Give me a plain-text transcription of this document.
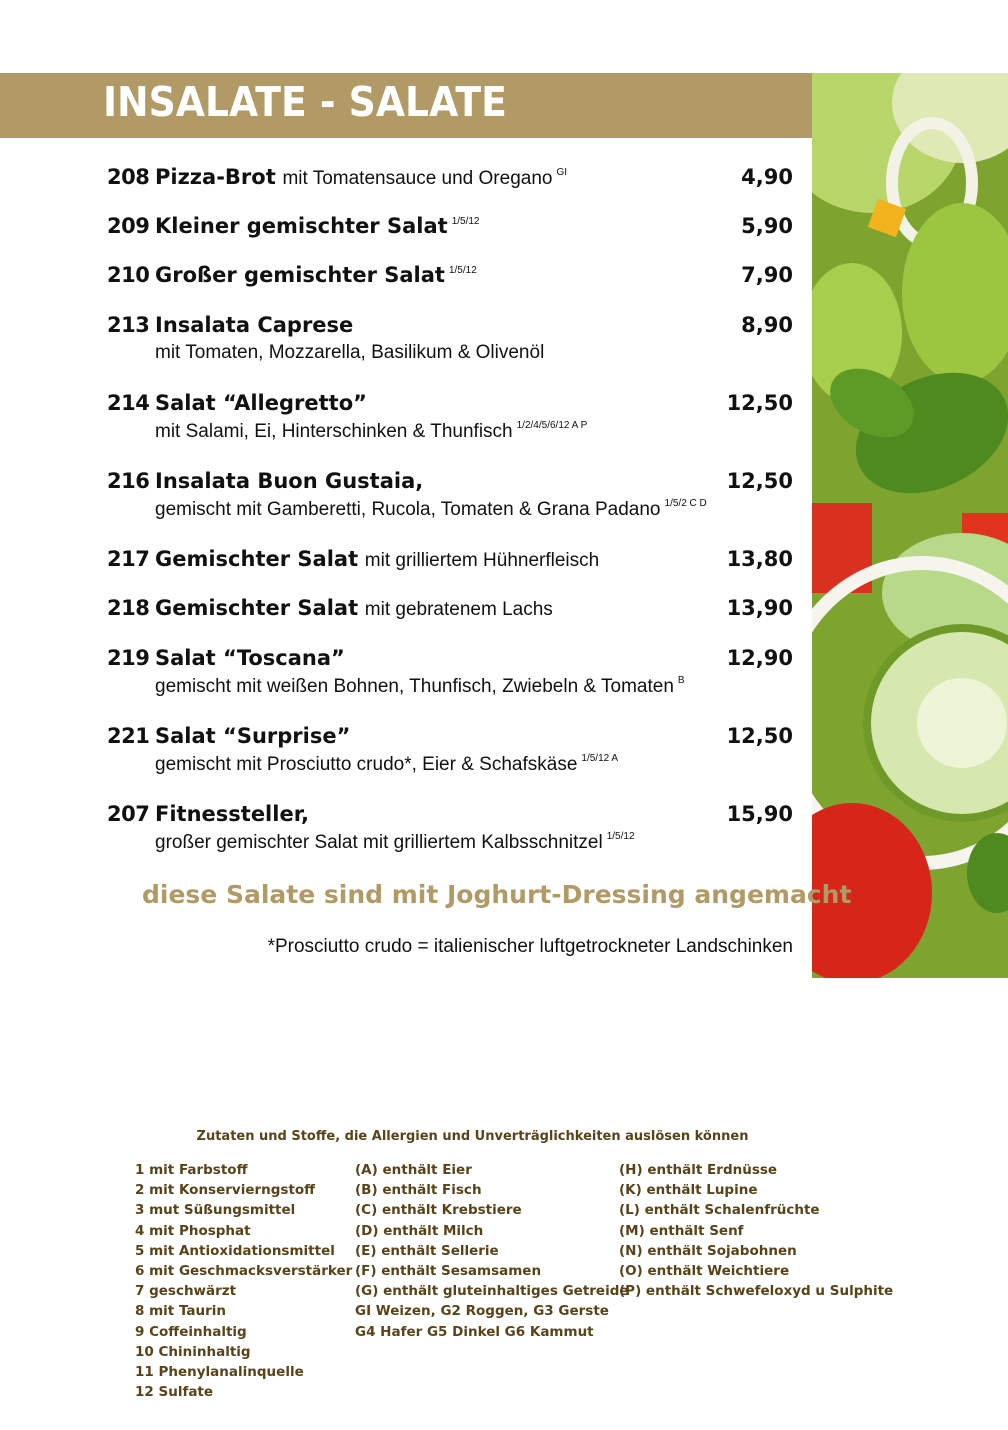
INSALATE - SALATE
208 Pizza-Brot mit Tomatensauce und Oregano $^{GI}$	4,90
209 Kleiner gemischter Salat $^{1/5/12}$	5,90
210 Großer gemischter Salat $^{1/5/12}$	7,90
213 Insalata Caprese	8,90
mit Tomaten, Mozzarella, Basilikum & Olivenöl
214 Salat “Allegretto”	12,50
mit Salami, Ei, Hinterschinken & Thunfisch $^{1/2/4/5/6/12 A P}$
216 Insalata Buon Gustaia,	12,50
gemischt mit Gamberetti, Rucola, Tomaten & Grana Padano $^{1/5/2 C D}$
217 Gemischter Salat mit grilliertem Hühnerfleisch	13,80
218 Gemischter Salat mit gebratenem Lachs	13,90
219 Salat “Toscana”	12,90
gemischt mit weißen Bohnen, Thunfisch, Zwiebeln & Tomaten $^B$
221 Salat “Surprise”	12,50
gemischt mit Prosciutto crudo*, Eier & Schafskäse $^{1/5/12 A}$
207 Fitnessteller,	15,90
großer gemischter Salat mit grilliertem Kalbsschnitzel $^{1/5/12}$
diese Salate sind mit Joghurt-Dressing angemacht
*Prosciutto crudo = italienischer luftgetrockneter Landschinken
Zutaten und Stoffe, die Allergien und Unverträglichkeiten auslösen können
1 mit Farbstoff
2 mit Konservierngstoff
3 mut Süßungsmittel
4 mit Phosphat
5 mit Antioxidationsmittel
6 mit Geschmacksverstärker
7 geschwärzt
8 mit Taurin
9 Coffeinhaltig
10 Chininhaltig
11 Phenylanalinquelle
12 Sulfate
(A) enthält Eier
(B) enthält Fisch
(C) enthält Krebstiere
(D) enthält Milch
(E) enthält Sellerie
(F) enthält Sesamsamen
(G) enthält gluteinhaltiges Getreide
GI Weizen, G2 Roggen, G3 Gerste
G4 Hafer G5 Dinkel G6 Kammut
(H) enthält Erdnüsse
(K) enthält Lupine
(L) enthält Schalenfrüchte
(M) enthält Senf
(N) enthält Sojabohnen
(O) enthält Weichtiere
(P) enthält Schwefeloxyd u Sulphite
